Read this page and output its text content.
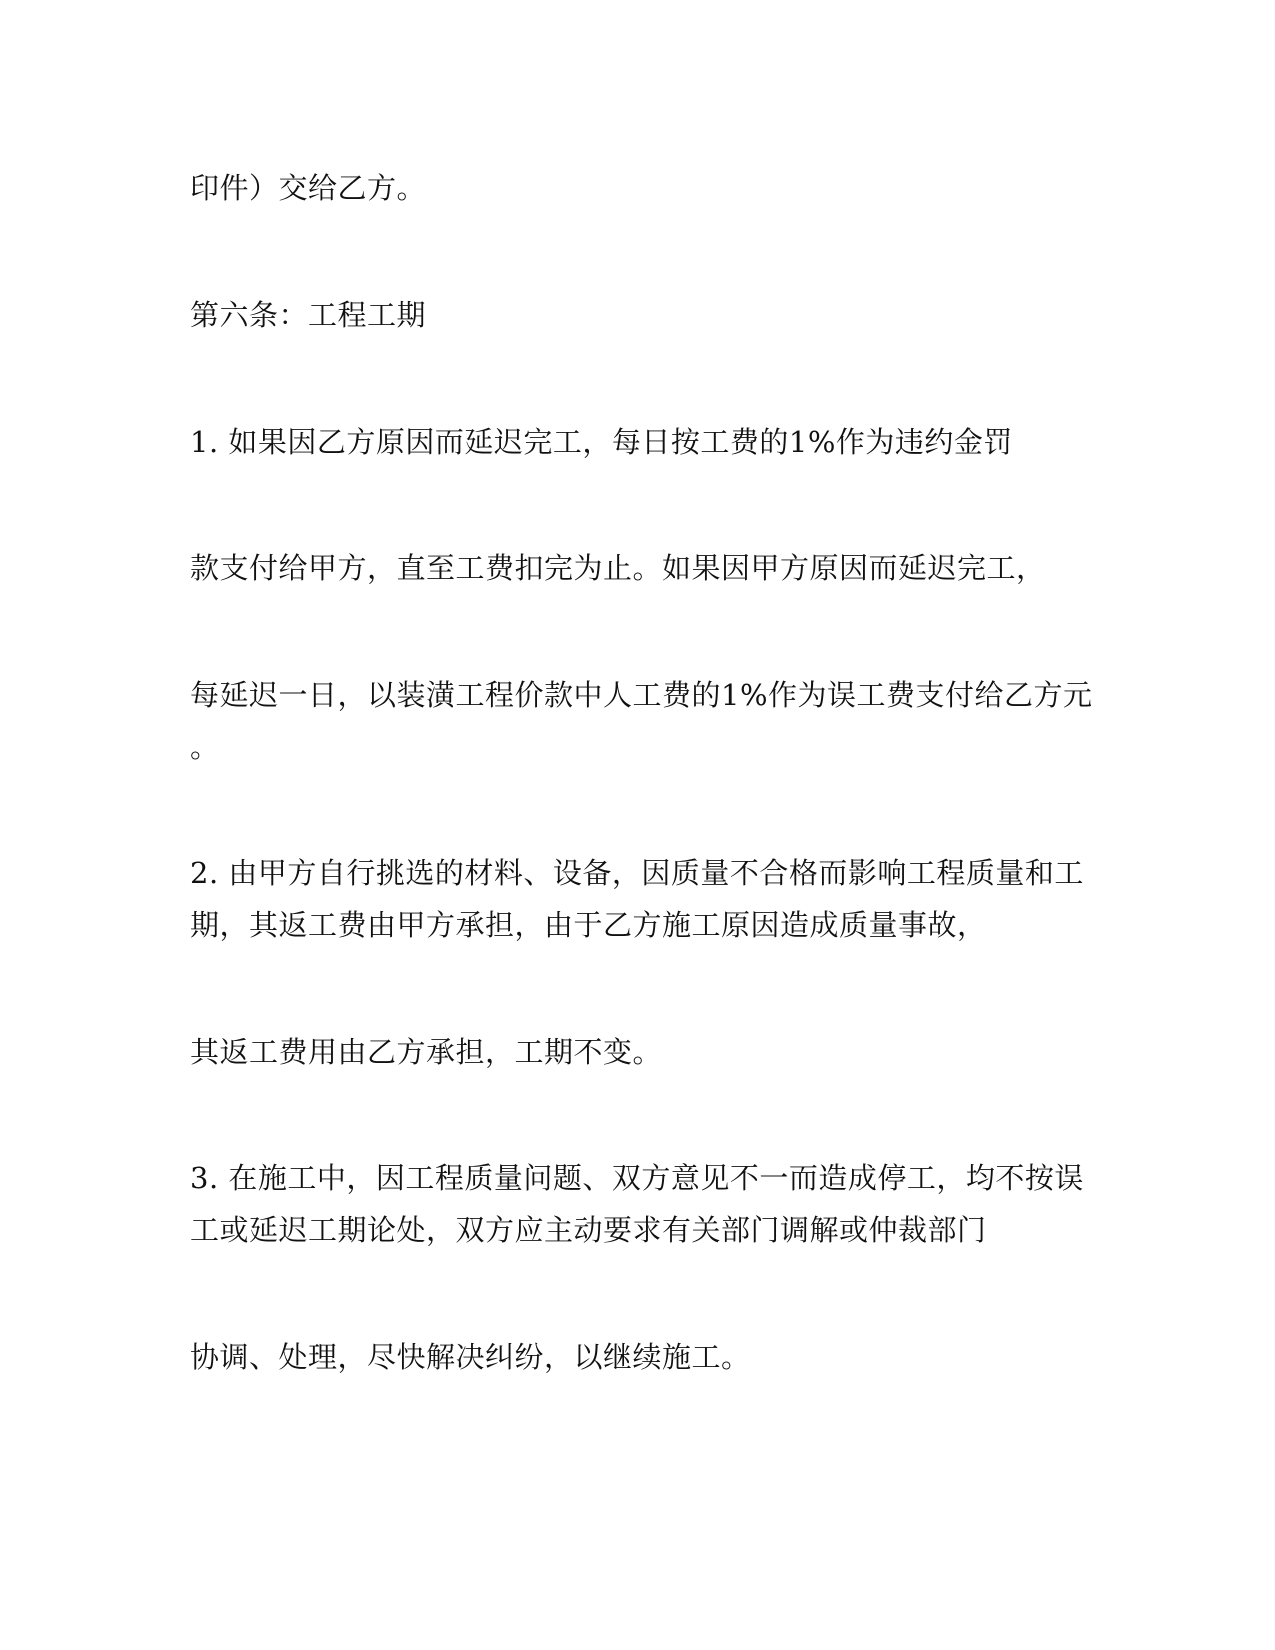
印件）交给乙方。
第六条：工程工期
1. 如果因乙方原因而延迟完工，每日按工费的1%作为违约金罚
款支付给甲方，直至工费扣完为止。如果因甲方原因而延迟完工，
每延迟一日，以装潢工程价款中人工费的1%作为误工费支付给乙方元
。
2. 由甲方自行挑选的材料、设备，因质量不合格而影响工程质量和工
期，其返工费由甲方承担，由于乙方施工原因造成质量事故，
其返工费用由乙方承担，工期不变。
3. 在施工中，因工程质量问题、双方意见不一而造成停工，均不按误
工或延迟工期论处，双方应主动要求有关部门调解或仲裁部门
协调、处理，尽快解决纠纷，以继续施工。
